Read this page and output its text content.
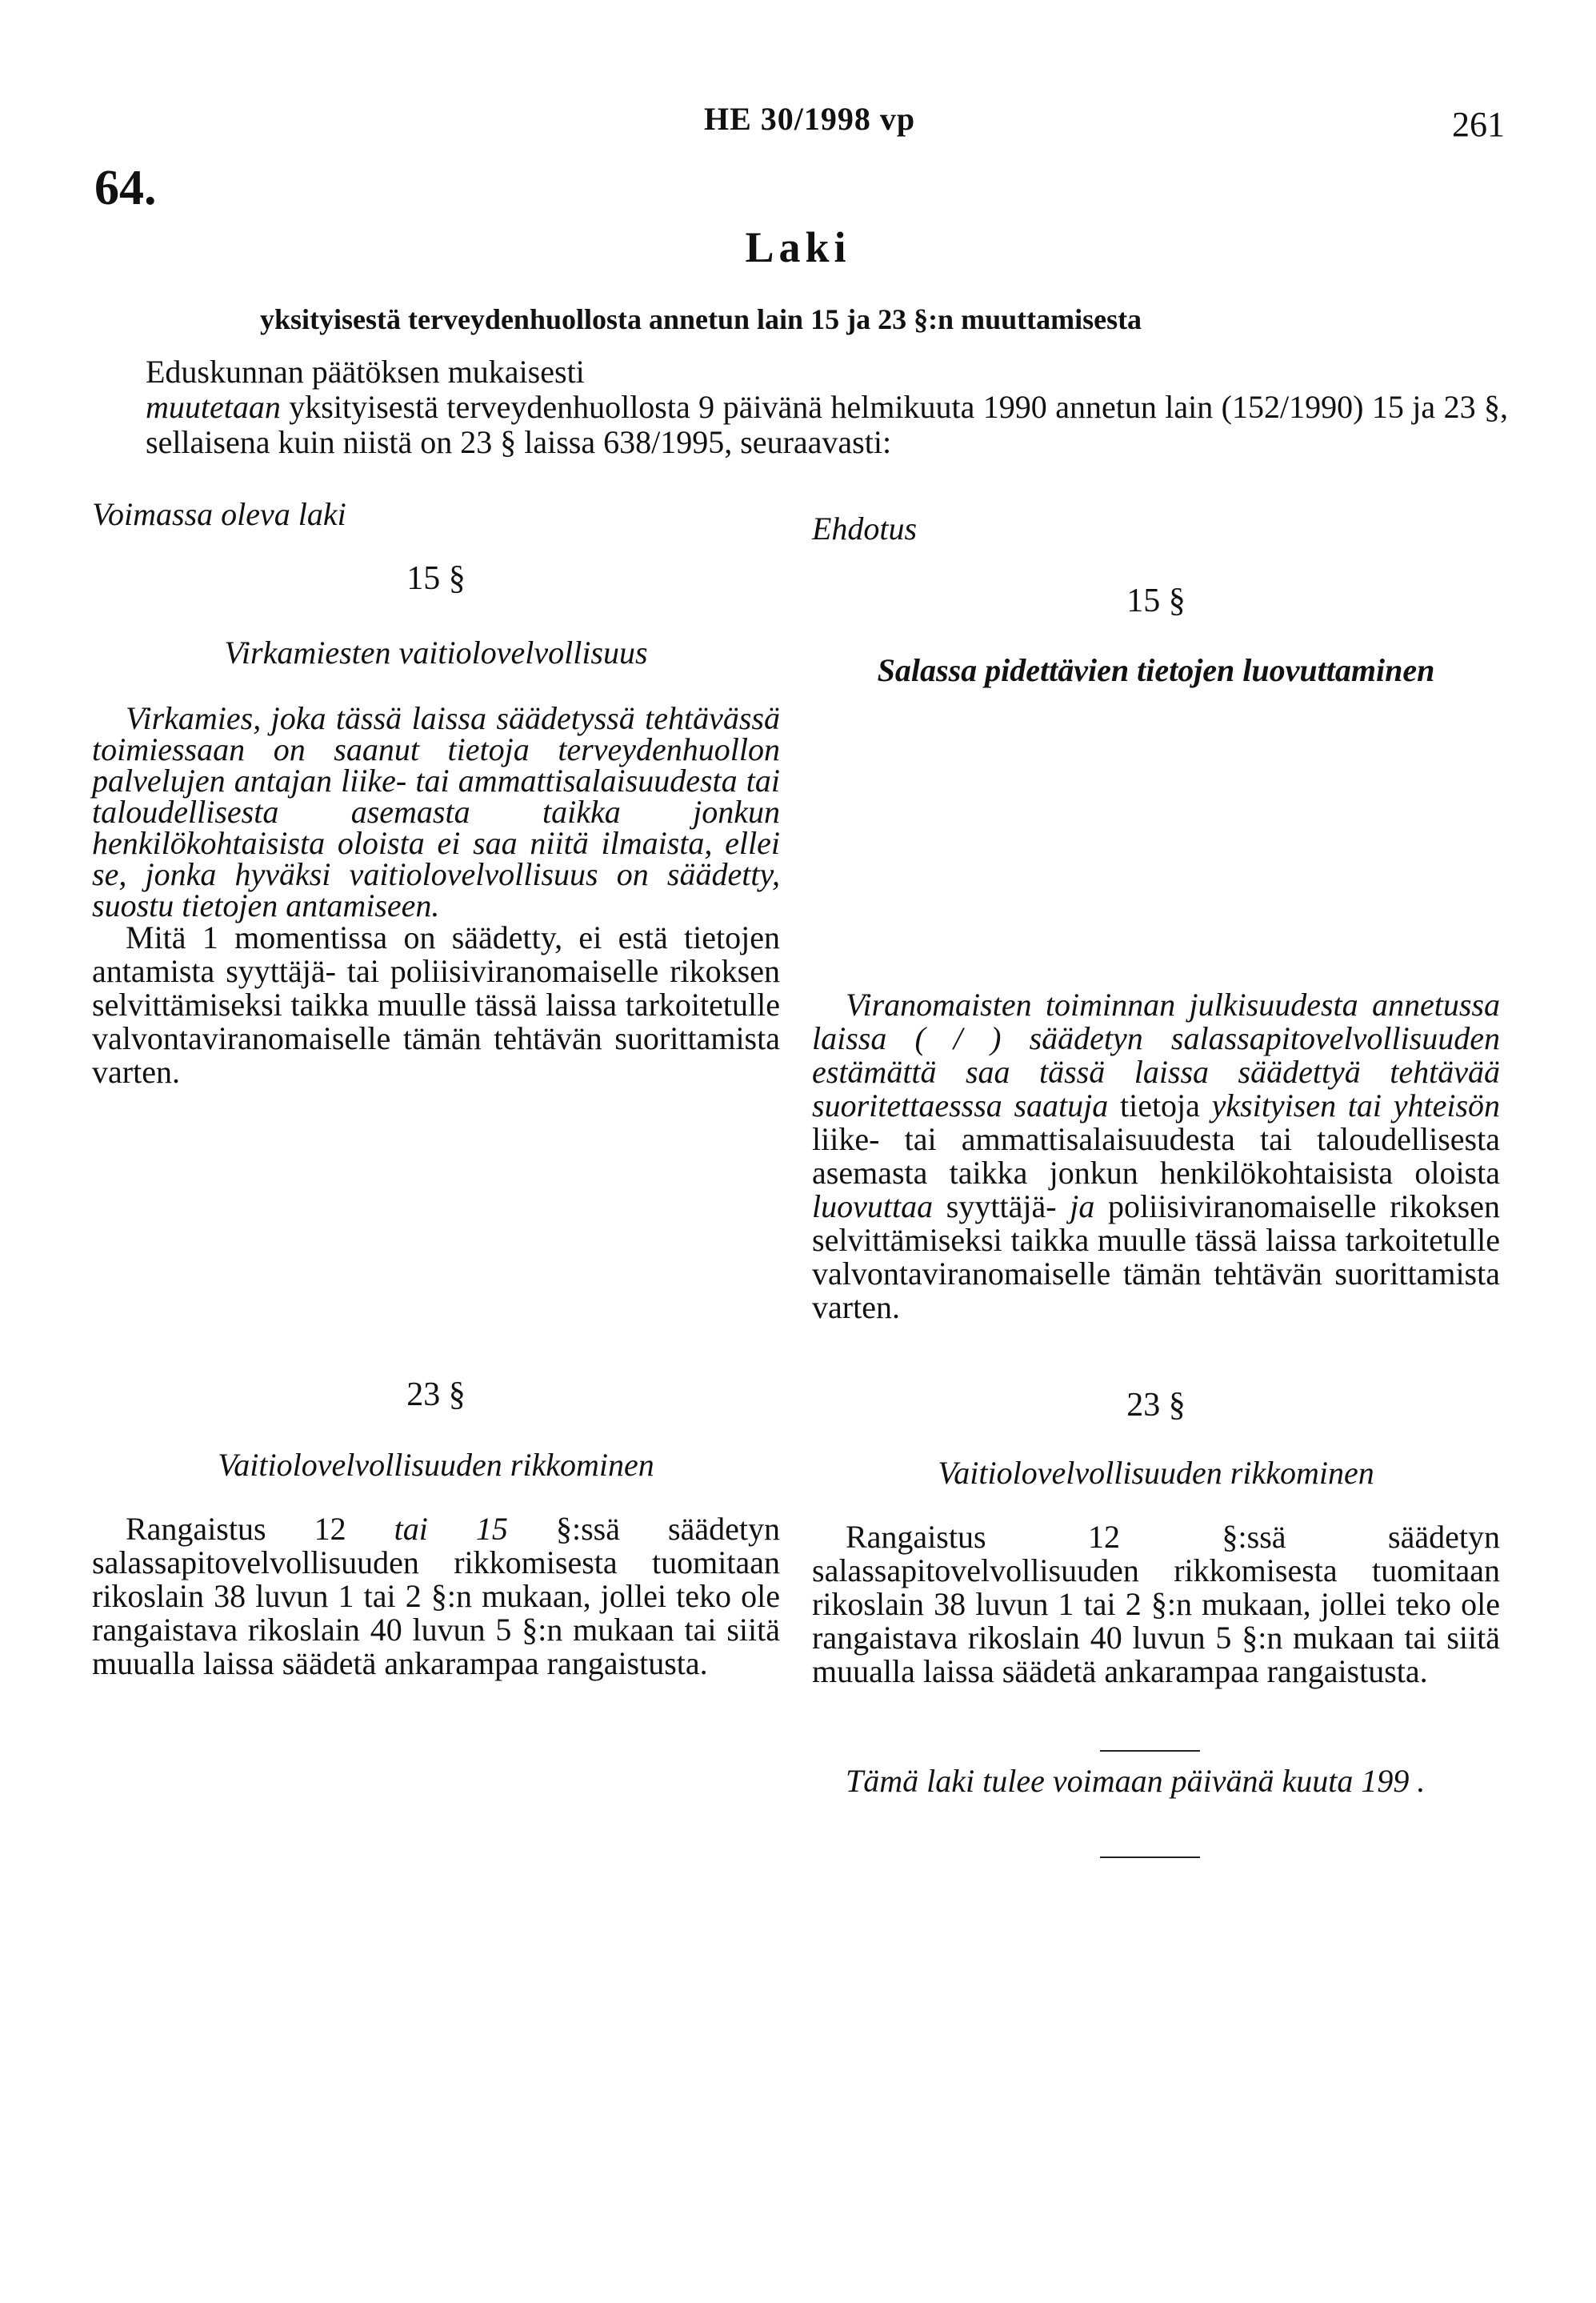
HE 30/1998 vp	261
64.
Laki
yksityisestä terveydenhuollosta annetun lain 15 ja 23 §:n muuttamisesta

Eduskunnan päätöksen mukaisesti

muutetaan yksityisestä terveydenhuollosta 9 päivänä helmikuuta 1990 annetun lain (152/1990) 15 ja 23 §, sellaisena kuin niistä on 23 § laissa 638/1995, seuraavasti:

Voimassa oleva laki
15 §
Virkamiesten vaitiolovelvollisuus

Virkamies, joka tässä laissa säädetyssä tehtävässä toimiessaan on saanut tietoja terveydenhuollon palvelujen antajan liike- tai ammattisalaisuudesta tai taloudellisesta asemasta taikka jonkun henkilökohtaisista oloista ei saa niitä ilmaista, ellei se, jonka hyväksi vaitiolovelvollisuus on säädetty, suostu tietojen antamiseen.

Mitä 1 momentissa on säädetty, ei estä tietojen antamista syyttäjä- tai poliisiviranomaiselle rikoksen selvittämiseksi taikka muulle tässä laissa tarkoitetulle valvontaviranomaiselle tämän tehtävän suorittamista varten.

23 §
Vaitiolovelvollisuuden rikkominen

Rangaistus 12 tai 15 §:ssä säädetyn salassapitovelvollisuuden rikkomisesta tuomitaan rikoslain 38 luvun 1 tai 2 §:n mukaan, jollei teko ole rangaistava rikoslain 40 luvun 5 §:n mukaan tai siitä muualla laissa säädetä ankarampaa rangaistusta.

Ehdotus
15 §
Salassa pidettävien tietojen luovuttaminen

Viranomaisten toiminnan julkisuudesta annetussa laissa ( / ) säädetyn salassapitovelvollisuuden estämättä saa tässä laissa säädettyä tehtävää suoritettaesssa saatuja tietoja yksityisen tai yhteisön liike- tai ammattisalaisuudesta tai taloudellisesta asemasta taikka jonkun henkilökohtaisista oloista luovuttaa syyttäjä- ja poliisiviranomaiselle rikoksen selvittämiseksi taikka muulle tässä laissa tarkoitetulle valvontaviranomaiselle tämän tehtävän suorittamista varten.

23 §
Vaitiolovelvollisuuden rikkominen

Rangaistus 12 §:ssä säädetyn salassapitovelvollisuuden rikkomisesta tuomitaan rikoslain 38 luvun 1 tai 2 §:n mukaan, jollei teko ole rangaistava rikoslain 40 luvun 5 §:n mukaan tai siitä muualla laissa säädetä ankarampaa rangaistusta.

Tämä laki tulee voimaan päivänä kuuta 199 .
